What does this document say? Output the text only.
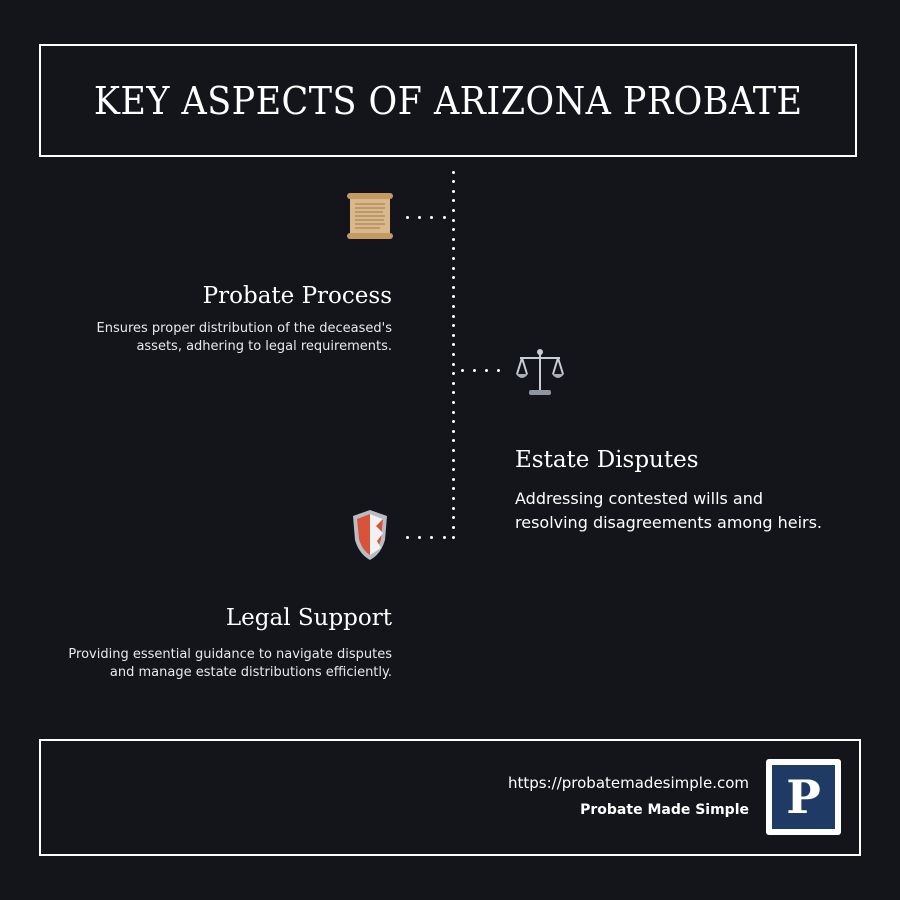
KEY ASPECTS OF ARIZONA PROBATE
Probate Process
Ensures proper distribution of the deceased's
assets, adhering to legal requirements.
Estate Disputes
Addressing contested wills and
resolving disagreements among heirs.
Legal Support
Providing essential guidance to navigate disputes
and manage estate distributions efficiently.
https://probatemadesimple.com
Probate Made Simple P
